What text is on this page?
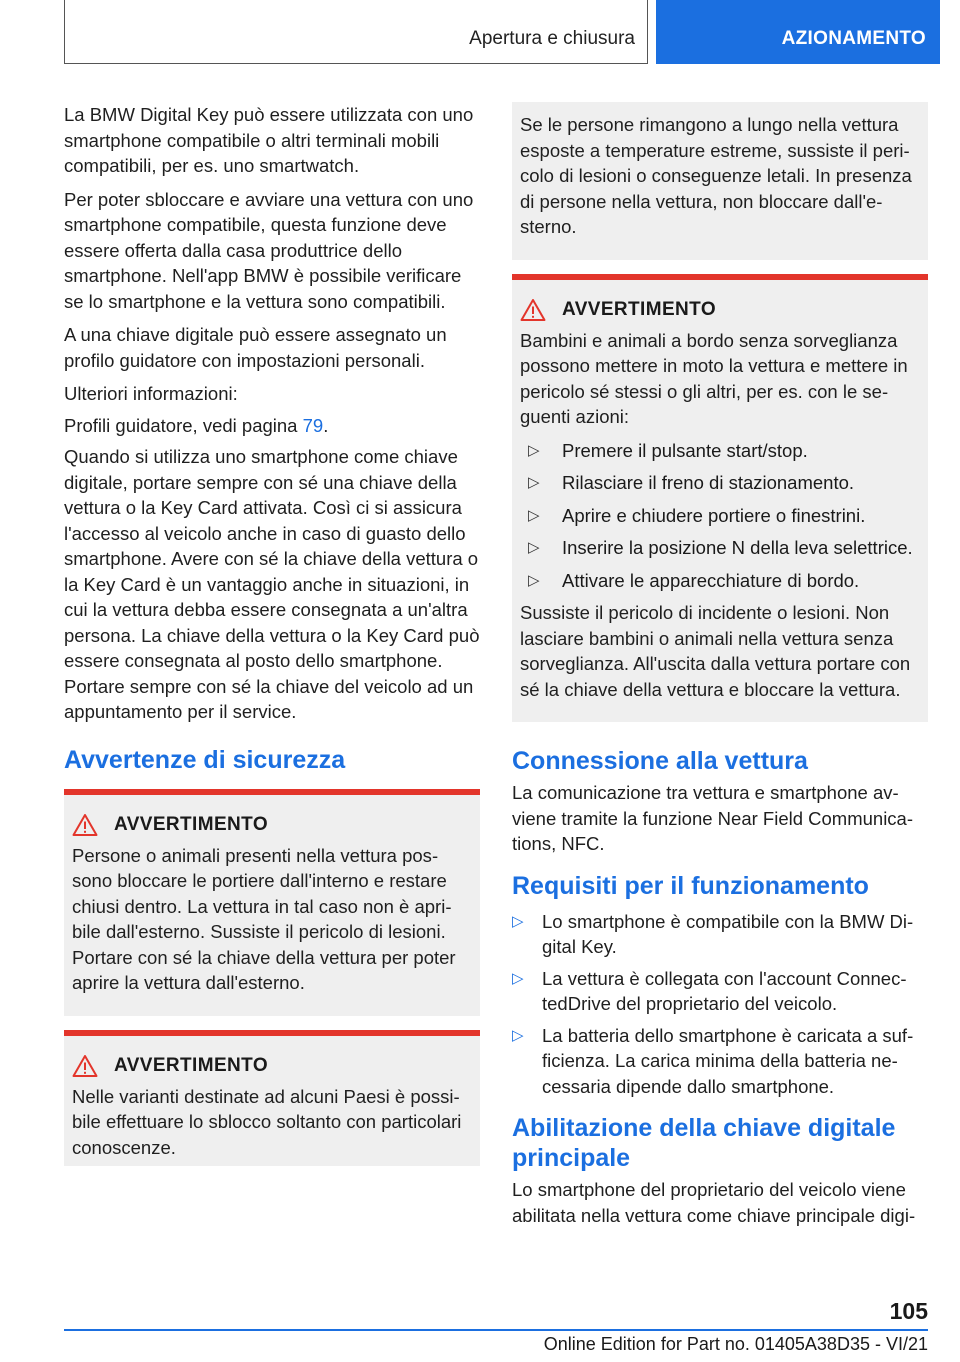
Apertura e chiusura	AZIONAMENTO

La BMW Digital Key può essere utilizzata con uno smartphone compatibile o altri terminali mobili compatibili, per es. uno smartwatch.

Per poter sbloccare e avviare una vettura con uno smartphone compatibile, questa funzione deve essere offerta dalla casa produttrice dello smartphone. Nell'app BMW è possibile verificare se lo smartphone e la vettura sono compatibili.

A una chiave digitale può essere assegnato un profilo guidatore con impostazioni personali.

Ulteriori informazioni:

Profili guidatore, vedi pagina 79.

Quando si utilizza uno smartphone come chiave digitale, portare sempre con sé una chiave della vettura o la Key Card attivata. Così ci si assicura l'accesso al veicolo anche in caso di guasto dello smartphone. Avere con sé la chiave della vettura o la Key Card è un vantaggio anche in situazioni, in cui la vettura debba essere consegnata a un'altra persona. La chiave della vettura o la Key Card può essere consegnata al posto dello smartphone. Portare sempre con sé la chiave del veicolo ad un appuntamento per il service.

Avvertenze di sicurezza
AVVERTIMENTO

Persone o animali presenti nella vettura possono bloccare le portiere dall'interno e restare chiusi dentro. La vettura in tal caso non è apribile dall'esterno. Sussiste il pericolo di lesioni. Portare con sé la chiave della vettura per poter aprire la vettura dall'esterno.

AVVERTIMENTO

Nelle varianti destinate ad alcuni Paesi è possibile effettuare lo sblocco soltanto con particolari conoscenze.

Se le persone rimangono a lungo nella vettura esposte a temperature estreme, sussiste il pericolo di lesioni o conseguenze letali. In presenza di persone nella vettura, non bloccare dall'esterno.

AVVERTIMENTO

Bambini e animali a bordo senza sorveglianza possono mettere in moto la vettura e mettere in pericolo sé stessi o gli altri, per es. con le seguenti azioni:

▷	Premere il pulsante start/stop.
▷	Rilasciare il freno di stazionamento.
▷	Aprire e chiudere portiere o finestrini.
▷	Inserire la posizione N della leva selettrice.
▷	Attivare le apparecchiature di bordo.

Sussiste il pericolo di incidente o lesioni. Non lasciare bambini o animali nella vettura senza sorveglianza. All'uscita dalla vettura portare con sé la chiave della vettura e bloccare la vettura.

Connessione alla vettura

La comunicazione tra vettura e smartphone avviene tramite la funzione Near Field Communications, NFC.

Requisiti per il funzionamento
▷ Lo smartphone è compatibile con la BMW Digital Key.
▷ La vettura è collegata con l'account ConnectedDrive del proprietario del veicolo.
▷ La batteria dello smartphone è caricata a sufficienza. La carica minima della batteria necessaria dipende dallo smartphone.
Abilitazione della chiave digitale principale

Lo smartphone del proprietario del veicolo viene abilitata nella vettura come chiave principale digi-

105
Online Edition for Part no. 01405A38D35 - VI/21
